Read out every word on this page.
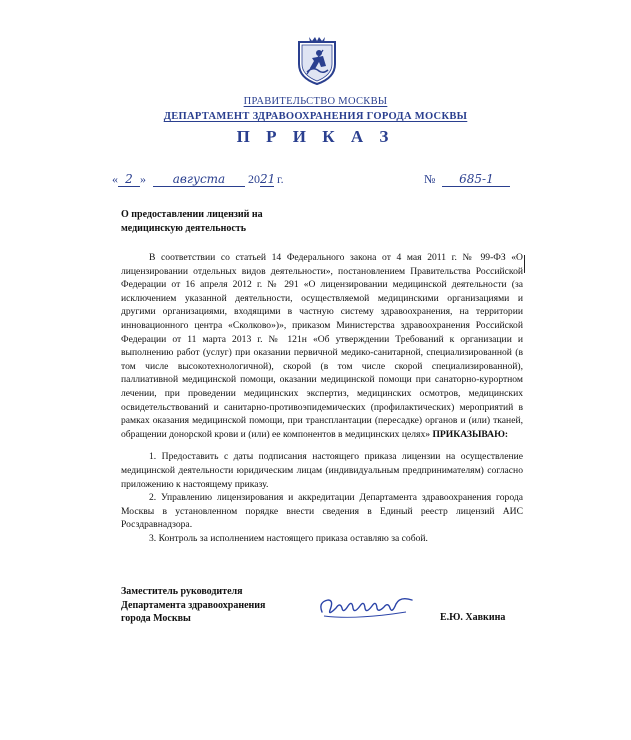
ПРАВИТЕЛЬСТВО МОСКВЫ
ДЕПАРТАМЕНТ ЗДРАВООХРАНЕНИЯ ГОРОДА МОСКВЫ
П Р И К А З
« 2 » августа 2021 г.	№ 685-1
О предоставлении лицензий на медицинскую деятельность

В соответствии со статьей 14 Федерального закона от 4 мая 2011 г. № 99-ФЗ «О лицензировании отдельных видов деятельности», постановлением Правительства Российской Федерации от 16 апреля 2012 г. № 291 «О лицензировании медицинской деятельности (за исключением указанной деятельности, осуществляемой медицинскими организациями и другими организациями, входящими в частную систему здравоохранения, на территории инновационного центра «Сколково»)», приказом Министерства здравоохранения Российской Федерации от 11 марта 2013 г. № 121н «Об утверждении Требований к организации и выполнению работ (услуг) при оказании первичной медико-санитарной, специализированной (в том числе высокотехнологичной), скорой (в том числе скорой специализированной), паллиативной медицинской помощи, оказании медицинской помощи при санаторно-курортном лечении, при проведении медицинских экспертиз, медицинских осмотров, медицинских освидетельствований и санитарно-противоэпидемических (профилактических) мероприятий в рамках оказания медицинской помощи, при трансплантации (пересадке) органов и (или) тканей, обращении донорской крови и (или) ее компонентов в медицинских целях» ПРИКАЗЫВАЮ:

1. Предоставить с даты подписания настоящего приказа лицензии на осуществление медицинской деятельности юридическим лицам (индивидуальным предпринимателям) согласно приложению к настоящему приказу.

2. Управлению лицензирования и аккредитации Департамента здравоохранения города Москвы в установленном порядке внести сведения в Единый реестр лицензий АИС Росздравнадзора.

3. Контроль за исполнением настоящего приказа оставляю за собой.

Заместитель руководителя
Департамента здравоохранения
города Москвы	Е.Ю. Хавкина
